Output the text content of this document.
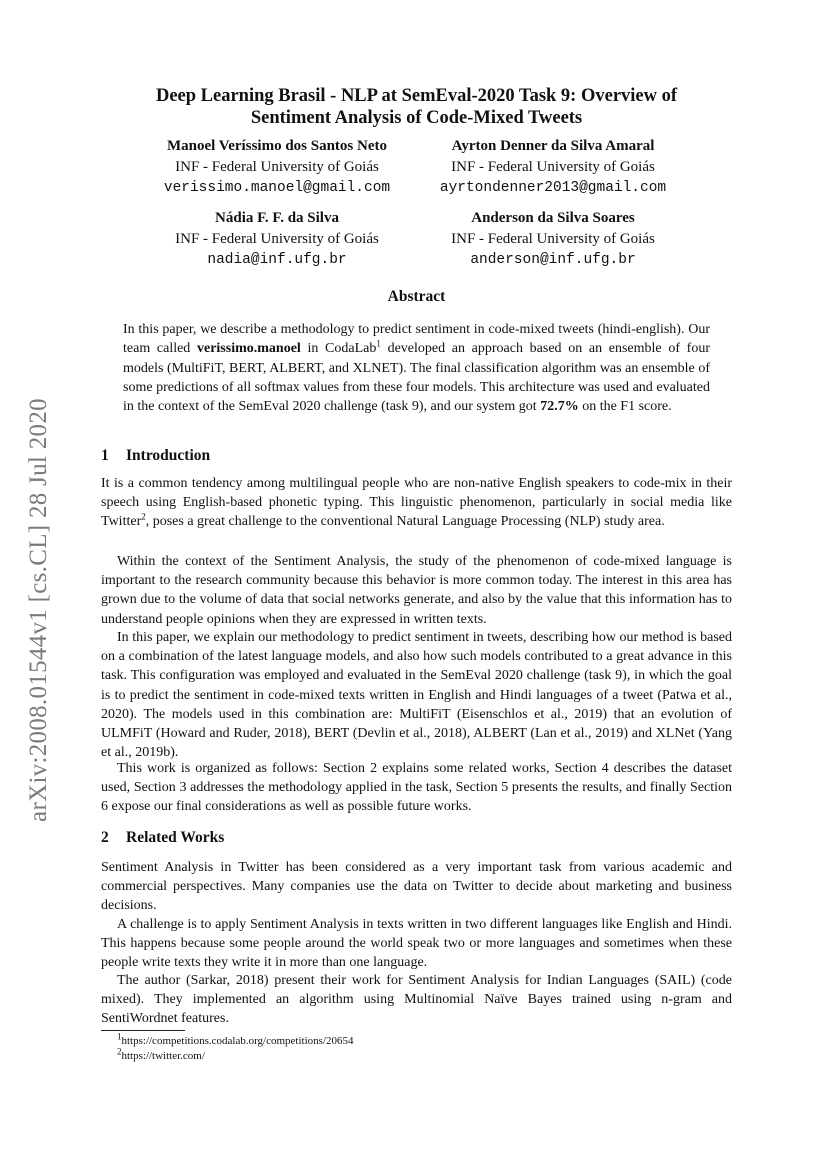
arXiv:2008.01544v1 [cs.CL] 28 Jul 2020
Deep Learning Brasil - NLP at SemEval-2020 Task 9: Overview of
Sentiment Analysis of Code-Mixed Tweets
Manoel Veríssimo dos Santos Neto
INF - Federal University of Goiás
verissimo.manoel@gmail.com
Ayrton Denner da Silva Amaral
INF - Federal University of Goiás
ayrtondenner2013@gmail.com
Nádia F. F. da Silva
INF - Federal University of Goiás
nadia@inf.ufg.br
Anderson da Silva Soares
INF - Federal University of Goiás
anderson@inf.ufg.br
Abstract

In this paper, we describe a methodology to predict sentiment in code-mixed tweets (hindi-english). Our team called verissimo.manoel in CodaLab$^1$ developed an approach based on an ensemble of four models (MultiFiT, BERT, ALBERT, and XLNET). The final classification algorithm was an ensemble of some predictions of all softmax values from these four models. This architecture was used and evaluated in the context of the SemEval 2020 challenge (task 9), and our system got 72.7% on the F1 score.

1 Introduction

It is a common tendency among multilingual people who are non-native English speakers to code-mix in their speech using English-based phonetic typing. This linguistic phenomenon, particularly in social media like Twitter$^2$, poses a great challenge to the conventional Natural Language Processing (NLP) study area.

Within the context of the Sentiment Analysis, the study of the phenomenon of code-mixed language is important to the research community because this behavior is more common today. The interest in this area has grown due to the volume of data that social networks generate, and also by the value that this information has to understand people opinions when they are expressed in written texts.

In this paper, we explain our methodology to predict sentiment in tweets, describing how our method is based on a combination of the latest language models, and also how such models contributed to a great advance in this task. This configuration was employed and evaluated in the SemEval 2020 challenge (task 9), in which the goal is to predict the sentiment in code-mixed texts written in English and Hindi languages of a tweet (Patwa et al., 2020). The models used in this combination are: MultiFiT (Eisenschlos et al., 2019) that an evolution of ULMFiT (Howard and Ruder, 2018), BERT (Devlin et al., 2018), ALBERT (Lan et al., 2019) and XLNet (Yang et al., 2019b).

This work is organized as follows: Section 2 explains some related works, Section 4 describes the dataset used, Section 3 addresses the methodology applied in the task, Section 5 presents the results, and finally Section 6 expose our final considerations as well as possible future works.

2 Related Works

Sentiment Analysis in Twitter has been considered as a very important task from various academic and commercial perspectives. Many companies use the data on Twitter to decide about marketing and business decisions.

A challenge is to apply Sentiment Analysis in texts written in two different languages like English and Hindi. This happens because some people around the world speak two or more languages and sometimes when these people write texts they write it in more than one language.

The author (Sarkar, 2018) present their work for Sentiment Analysis for Indian Languages (SAIL) (code mixed). They implemented an algorithm using Multinomial Naïve Bayes trained using n-gram and SentiWordnet features.

$^1$https://competitions.codalab.org/competitions/20654
$^2$https://twitter.com/
